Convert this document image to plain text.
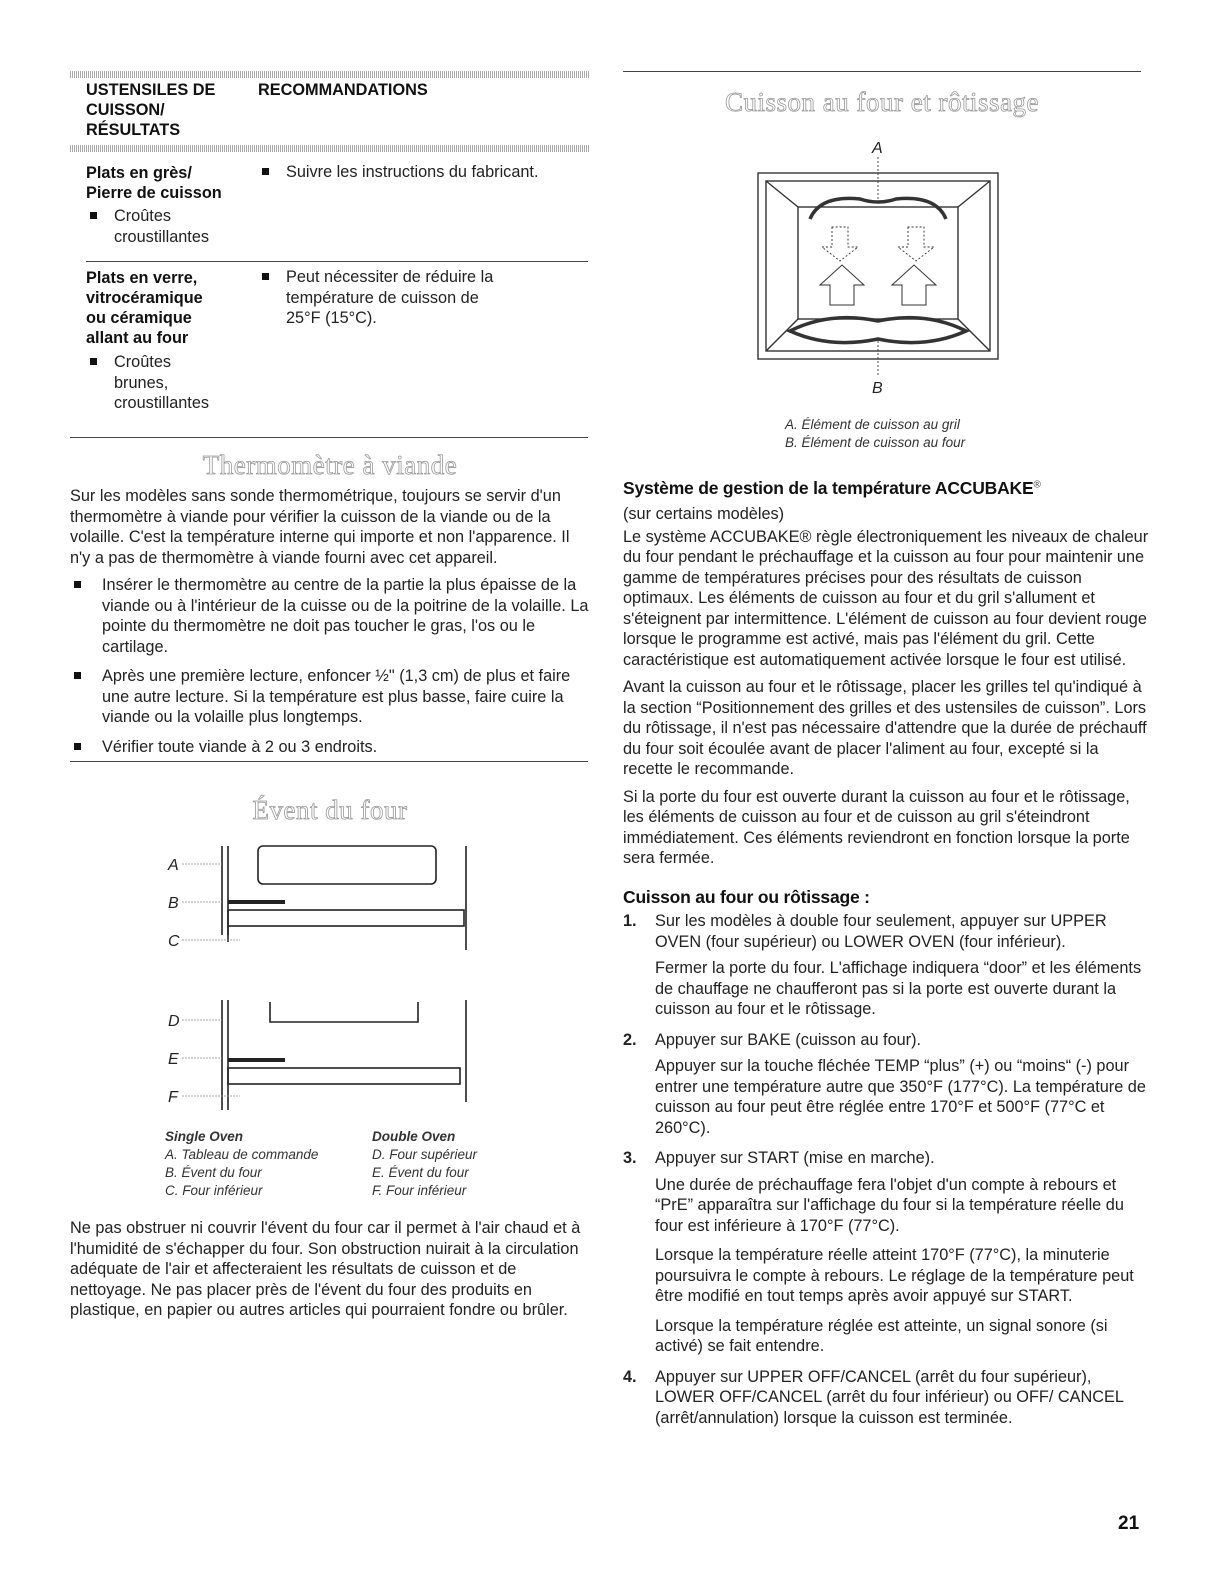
USTENSILES DE
CUISSON/
RÉSULTATS
RECOMMANDATIONS
Plats en grès/
Pierre de cuisson
Croûtes
croustillantes
Suivre les instructions du fabricant.
Plats en verre,
vitrocéramique
ou céramique
allant au four
Croûtes
brunes,
croustillantes
Peut nécessiter de réduire la
température de cuisson de
25°F (15°C).
Thermomètre à viande

Sur les modèles sans sonde thermométrique, toujours se servir d'un thermomètre à viande pour vérifier la cuisson de la viande ou de la volaille. C'est la température interne qui importe et non l'apparence. Il n'y a pas de thermomètre à viande fourni avec cet appareil.

Insérer le thermomètre au centre de la partie la plus épaisse de la viande ou à l'intérieur de la cuisse ou de la poitrine de la volaille. La pointe du thermomètre ne doit pas toucher le gras, l'os ou le cartilage.
Après une première lecture, enfoncer ½" (1,3 cm) de plus et faire une autre lecture. Si la température est plus basse, faire cuire la viande ou la volaille plus longtemps.
Vérifier toute viande à 2 ou 3 endroits.
Évent du four
A
B
C
D
E
F
Single Oven
A. Tableau de commande
B. Évent du four
C. Four inférieur
Double Oven
D. Four supérieur
E. Évent du four
F. Four inférieur
Ne pas obstruer ni couvrir l'évent du four car il permet à l'air chaud et à l'humidité de s'échapper du four. Son obstruction nuirait à la circulation adéquate de l'air et affecteraient les résultats de cuisson et de nettoyage. Ne pas placer près de l'évent du four des produits en plastique, en papier ou autres articles qui pourraient fondre ou brûler.
Cuisson au four et rôtissage
A
B
A. Élément de cuisson au gril
B. Élément de cuisson au four
Système de gestion de la température ACCUBAKE®

(sur certains modèles)

Le système ACCUBAKE® règle électroniquement les niveaux de chaleur du four pendant le préchauffage et la cuisson au four pour maintenir une gamme de températures précises pour des résultats de cuisson optimaux. Les éléments de cuisson au four et du gril s'allument et s'éteignent par intermittence. L'élément de cuisson au four devient rouge lorsque le programme est activé, mais pas l'élément du gril. Cette caractéristique est automatiquement activée lorsque le four est utilisé.

Avant la cuisson au four et le rôtissage, placer les grilles tel qu'indiqué à la section “Positionnement des grilles et des ustensiles de cuisson”. Lors du rôtissage, il n'est pas nécessaire d'attendre que la durée de préchauff du four soit écoulée avant de placer l'aliment au four, excepté si la recette le recommande.

Si la porte du four est ouverte durant la cuisson au four et le rôtissage, les éléments de cuisson au four et de cuisson au gril s'éteindront immédiatement. Ces éléments reviendront en fonction lorsque la porte sera fermée.

Cuisson au four ou rôtissage :
1. Sur les modèles à double four seulement, appuyer sur UPPER OVEN (four supérieur) ou LOWER OVEN (four inférieur).
Fermer la porte du four. L'affichage indiquera “door” et les éléments de chauffage ne chaufferont pas si la porte est ouverte durant la cuisson au four et le rôtissage.
2. Appuyer sur BAKE (cuisson au four).
Appuyer sur la touche fléchée TEMP “plus” (+) ou “moins“ (-) pour entrer une température autre que 350°F (177°C). La température de cuisson au four peut être réglée entre 170°F et 500°F (77°C et 260°C).
3. Appuyer sur START (mise en marche).
Une durée de préchauffage fera l'objet d'un compte à rebours et “PrE” apparaîtra sur l'affichage du four si la température réelle du four est inférieure à 170°F (77°C).
Lorsque la température réelle atteint 170°F (77°C), la minuterie poursuivra le compte à rebours. Le réglage de la température peut être modifié en tout temps après avoir appuyé sur START.
Lorsque la température réglée est atteinte, un signal sonore (si activé) se fait entendre.
4. Appuyer sur UPPER OFF/CANCEL (arrêt du four supérieur), LOWER OFF/CANCEL (arrêt du four inférieur) ou OFF/ CANCEL (arrêt/annulation) lorsque la cuisson est terminée.
21
